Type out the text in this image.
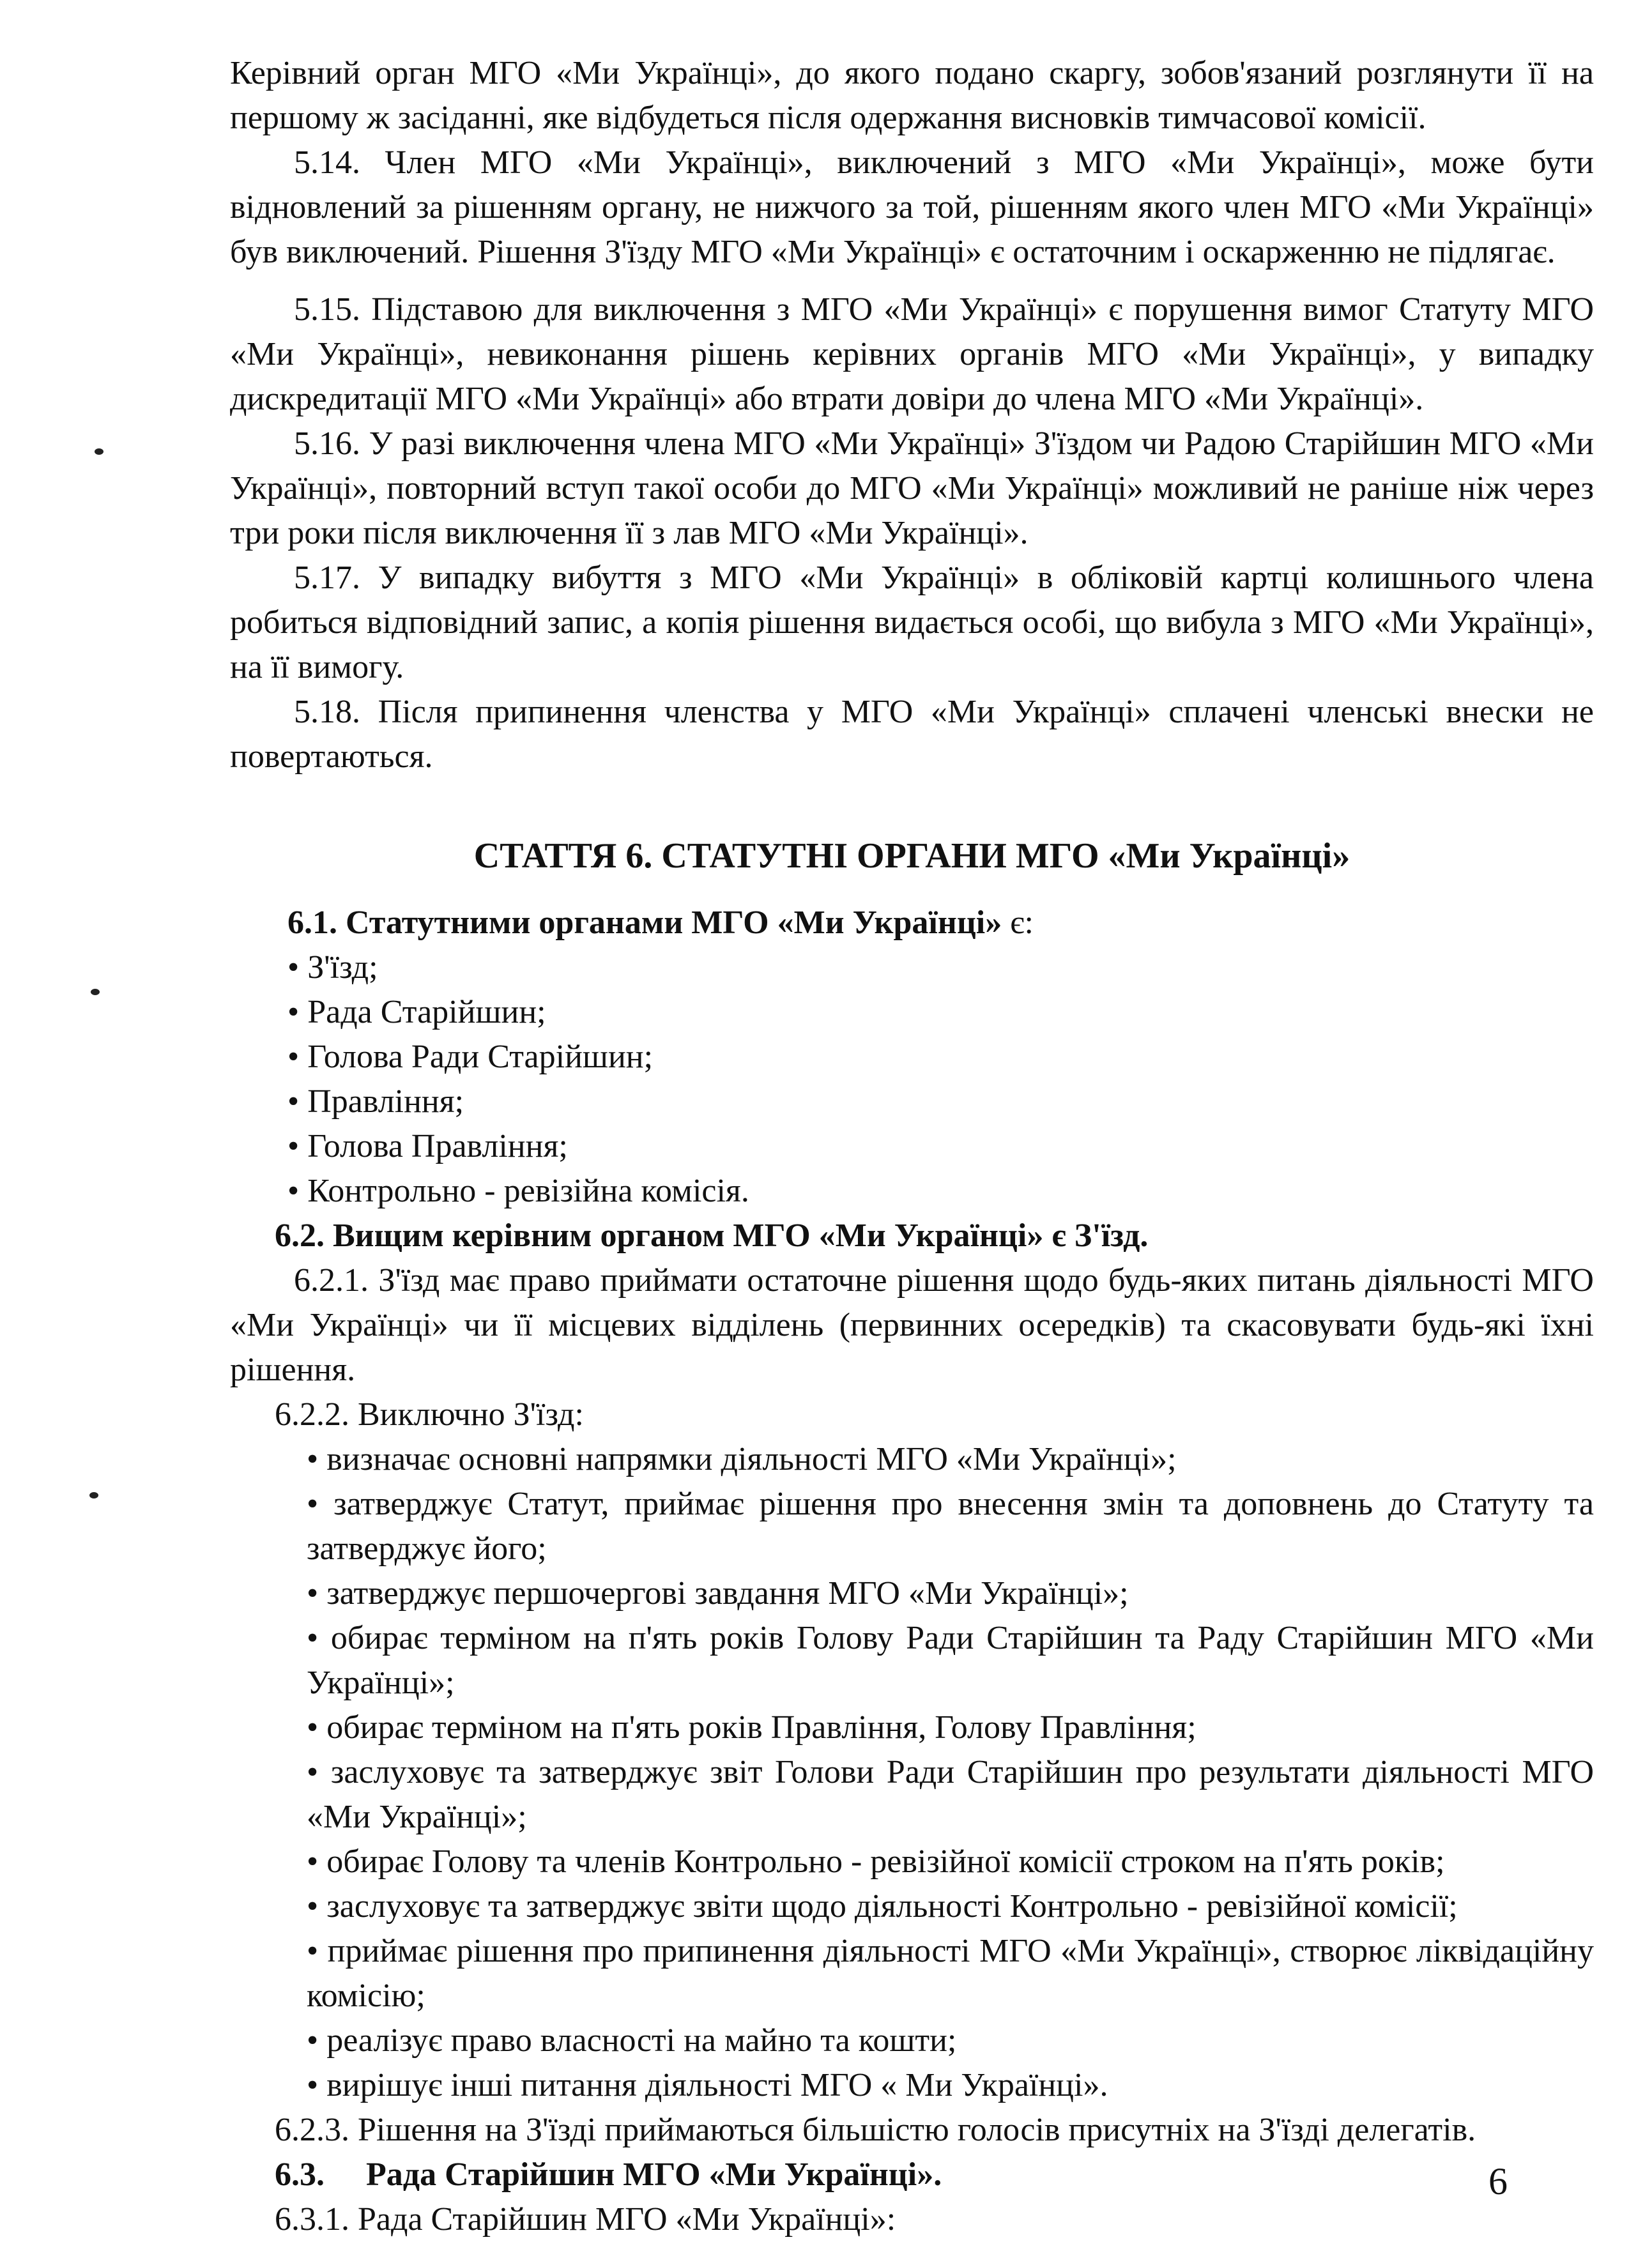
Керівний орган МГО «Ми Українці», до якого подано скаргу, зобов'язаний розглянути її на першому ж засіданні, яке відбудеться після одержання висновків тимчасової комісії.

5.14. Член МГО «Ми Українці», виключений з МГО «Ми Українці», може бути відновлений за рішенням органу, не нижчого за той, рішенням якого член МГО «Ми Українці» був виключений. Рішення З'їзду МГО «Ми Українці» є остаточним і оскарженню не підлягає.

5.15. Підставою для виключення з МГО «Ми Українці» є порушення вимог Статуту МГО «Ми Українці», невиконання рішень керівних органів МГО «Ми Українці», у випадку дискредитації МГО «Ми Українці» або втрати довіри до члена МГО «Ми Українці».

5.16. У разі виключення члена МГО «Ми Українці» З'їздом чи Радою Старійшин МГО «Ми Українці», повторний вступ такої особи до МГО «Ми Українці» можливий не раніше ніж через три роки після виключення її з лав МГО «Ми Українці».

5.17. У випадку вибуття з МГО «Ми Українці» в обліковій картці колишнього члена робиться відповідний запис, а копія рішення видається особі, що вибула з МГО «Ми Українці», на її вимогу.

5.18. Після припинення членства у МГО «Ми Українці» сплачені членські внески не повертаються.

СТАТТЯ 6. СТАТУТНІ ОРГАНИ МГО «Ми Українці»

6.1. Статутними органами МГО «Ми Українці» є:

• З'їзд;

• Рада Старійшин;

• Голова Ради Старійшин;

• Правління;

• Голова Правління;

• Контрольно - ревізійна комісія.

6.2. Вищим керівним органом МГО «Ми Українці» є З'їзд.

6.2.1. З'їзд має право приймати остаточне рішення щодо будь-яких питань діяльності МГО «Ми Українці» чи її місцевих відділень (первинних осередків) та скасовувати будь-які їхні рішення.

6.2.2. Виключно З'їзд:

• визначає основні напрямки діяльності МГО «Ми Українці»;

• затверджує Статут, приймає рішення про внесення змін та доповнень до Статуту та затверджує його;

• затверджує першочергові завдання МГО «Ми Українці»;

• обирає терміном на п'ять років Голову Ради Старійшин та Раду Старійшин МГО «Ми Українці»;

• обирає терміном на п'ять років Правління, Голову Правління;

• заслуховує та затверджує звіт Голови Ради Старійшин про результати діяльності МГО «Ми Українці»;

• обирає Голову та членів Контрольно - ревізійної комісії строком на п'ять років;

• заслуховує та затверджує звіти щодо діяльності Контрольно - ревізійної комісії;

• приймає рішення про припинення діяльності МГО «Ми Українці», створює ліквідаційну комісію;

• реалізує право власності на майно та кошти;

• вирішує інші питання діяльності МГО « Ми Українці».

6.2.3. Рішення на З'їзді приймаються більшістю голосів присутніх на З'їзді делегатів.

6.3. Рада Старійшин МГО «Ми Українці».

6.3.1. Рада Старійшин МГО «Ми Українці»:

6
